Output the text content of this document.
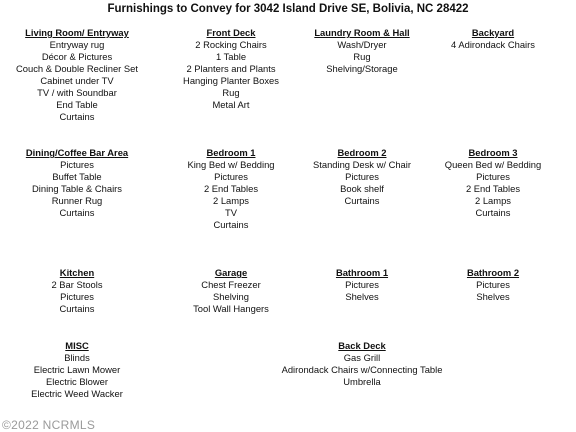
Furnishings to Convey for 3042 Island Drive SE, Bolivia, NC 28422
Living Room/ Entryway
Entryway rug
Décor & Pictures
Couch & Double Recliner Set
Cabinet under TV
TV / with Soundbar
End Table
Curtains
Front Deck
2 Rocking Chairs
1 Table
2 Planters and Plants
Hanging Planter Boxes
Rug
Metal Art
Laundry Room & Hall
Wash/Dryer
Rug
Shelving/Storage
Backyard
4 Adirondack Chairs
Dining/Coffee Bar Area
Pictures
Buffet Table
Dining Table & Chairs
Runner Rug
Curtains
Bedroom 1
King Bed w/ Bedding
Pictures
2 End Tables
2 Lamps
TV
Curtains
Bedroom 2
Standing Desk w/ Chair
Pictures
Book shelf
Curtains
Bedroom 3
Queen Bed w/ Bedding
Pictures
2 End Tables
2 Lamps
Curtains
Kitchen
2 Bar Stools
Pictures
Curtains
Garage
Chest Freezer
Shelving
Tool Wall Hangers
Bathroom 1
Pictures
Shelves
Bathroom 2
Pictures
Shelves
MISC
Blinds
Electric Lawn Mower
Electric Blower
Electric Weed Wacker
Back Deck
Gas Grill
Adirondack Chairs w/Connecting Table
Umbrella
©2022 NCRMLS
